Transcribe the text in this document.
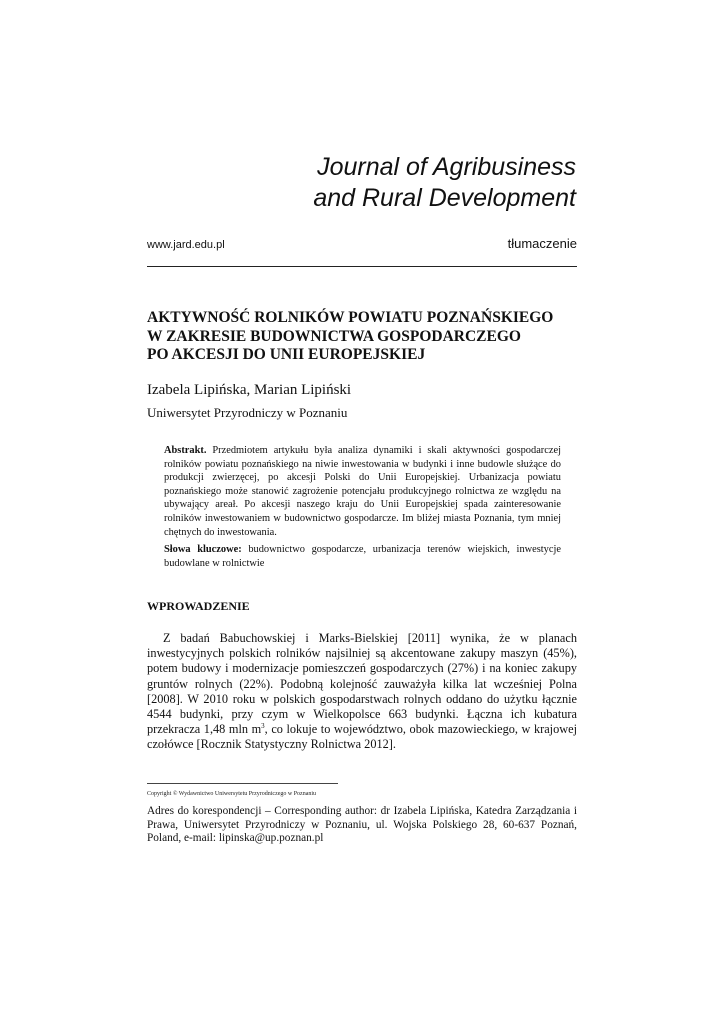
Journal of Agribusiness
and Rural Development
www.jard.edu.pl	tłumaczenie
AKTYWNOŚĆ ROLNIKÓW POWIATU POZNAŃSKIEGO
W ZAKRESIE BUDOWNICTWA GOSPODARCZEGO
PO AKCESJI DO UNII EUROPEJSKIEJ
Izabela Lipińska, Marian Lipiński
Uniwersytet Przyrodniczy w Poznaniu
Abstrakt. Przedmiotem artykułu była analiza dynamiki i skali aktywności gospodarczej rolników powiatu poznańskiego na niwie inwestowania w budynki i inne budowle służące do produkcji zwierzęcej, po akcesji Polski do Unii Europejskiej. Urbanizacja powiatu poznańskiego może stanowić zagrożenie potencjału produkcyjnego rolnictwa ze względu na ubywający areał. Po akcesji naszego kraju do Unii Europejskiej spada zainteresowanie rolników inwestowaniem w budownictwo gospodarcze. Im bliżej miasta Poznania, tym mniej chętnych do inwestowania.
Słowa kluczowe: budownictwo gospodarcze, urbanizacja terenów wiejskich, inwestycje budowlane w rolnictwie
WPROWADZENIE
Z badań Babuchowskiej i Marks-Bielskiej [2011] wynika, że w planach inwestycyjnych polskich rolników najsilniej są akcentowane zakupy maszyn (45%), potem budowy i modernizacje pomieszczeń gospodarczych (27%) i na koniec zakupy gruntów rolnych (22%). Podobną kolejność zauważyła kilka lat wcześniej Polna [2008]. W 2010 roku w polskich gospodarstwach rolnych oddano do użytku łącznie 4544 budynki, przy czym w Wielkopolsce 663 budynki. Łączna ich kubatura przekracza 1,48 mln $m^3$, co lokuje to województwo, obok mazowieckiego, w krajowej czołówce [Rocznik Statystyczny Rolnictwa 2012].
Copyright © Wydawnictwo Uniwersytetu Przyrodniczego w Poznaniu
Adres do korespondencji – Corresponding author: dr Izabela Lipińska, Katedra Zarządzania i Prawa, Uniwersytet Przyrodniczy w Poznaniu, ul. Wojska Polskiego 28, 60-637 Poznań, Poland, e-mail: lipinska@up.poznan.pl
